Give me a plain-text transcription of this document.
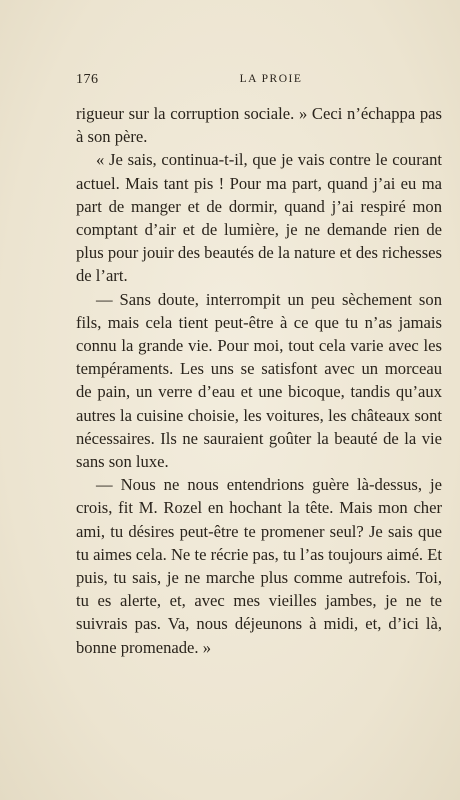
176	LA PROIE

rigueur sur la corruption sociale. » Ceci n’échappa pas à son père.

« Je sais, continua-t-il, que je vais contre le courant actuel. Mais tant pis ! Pour ma part, quand j’ai eu ma part de manger et de dormir, quand j’ai respiré mon comptant d’air et de lumière, je ne demande rien de plus pour jouir des beautés de la nature et des richesses de l’art.

— Sans doute, interrompit un peu sèchement son fils, mais cela tient peut-être à ce que tu n’as jamais connu la grande vie. Pour moi, tout cela varie avec les tempéraments. Les uns se satisfont avec un morceau de pain, un verre d’eau et une bicoque, tandis qu’aux autres la cuisine choisie, les voitures, les châteaux sont nécessaires. Ils ne sauraient goûter la beauté de la vie sans son luxe.

— Nous ne nous entendrions guère là-dessus, je crois, fit M. Rozel en hochant la tête. Mais mon cher ami, tu désires peut-être te promener seul? Je sais que tu aimes cela. Ne te récrie pas, tu l’as toujours aimé. Et puis, tu sais, je ne marche plus comme autrefois. Toi, tu es alerte, et, avec mes vieilles jambes, je ne te suivrais pas. Va, nous déjeunons à midi, et, d’ici là, bonne promenade. »
